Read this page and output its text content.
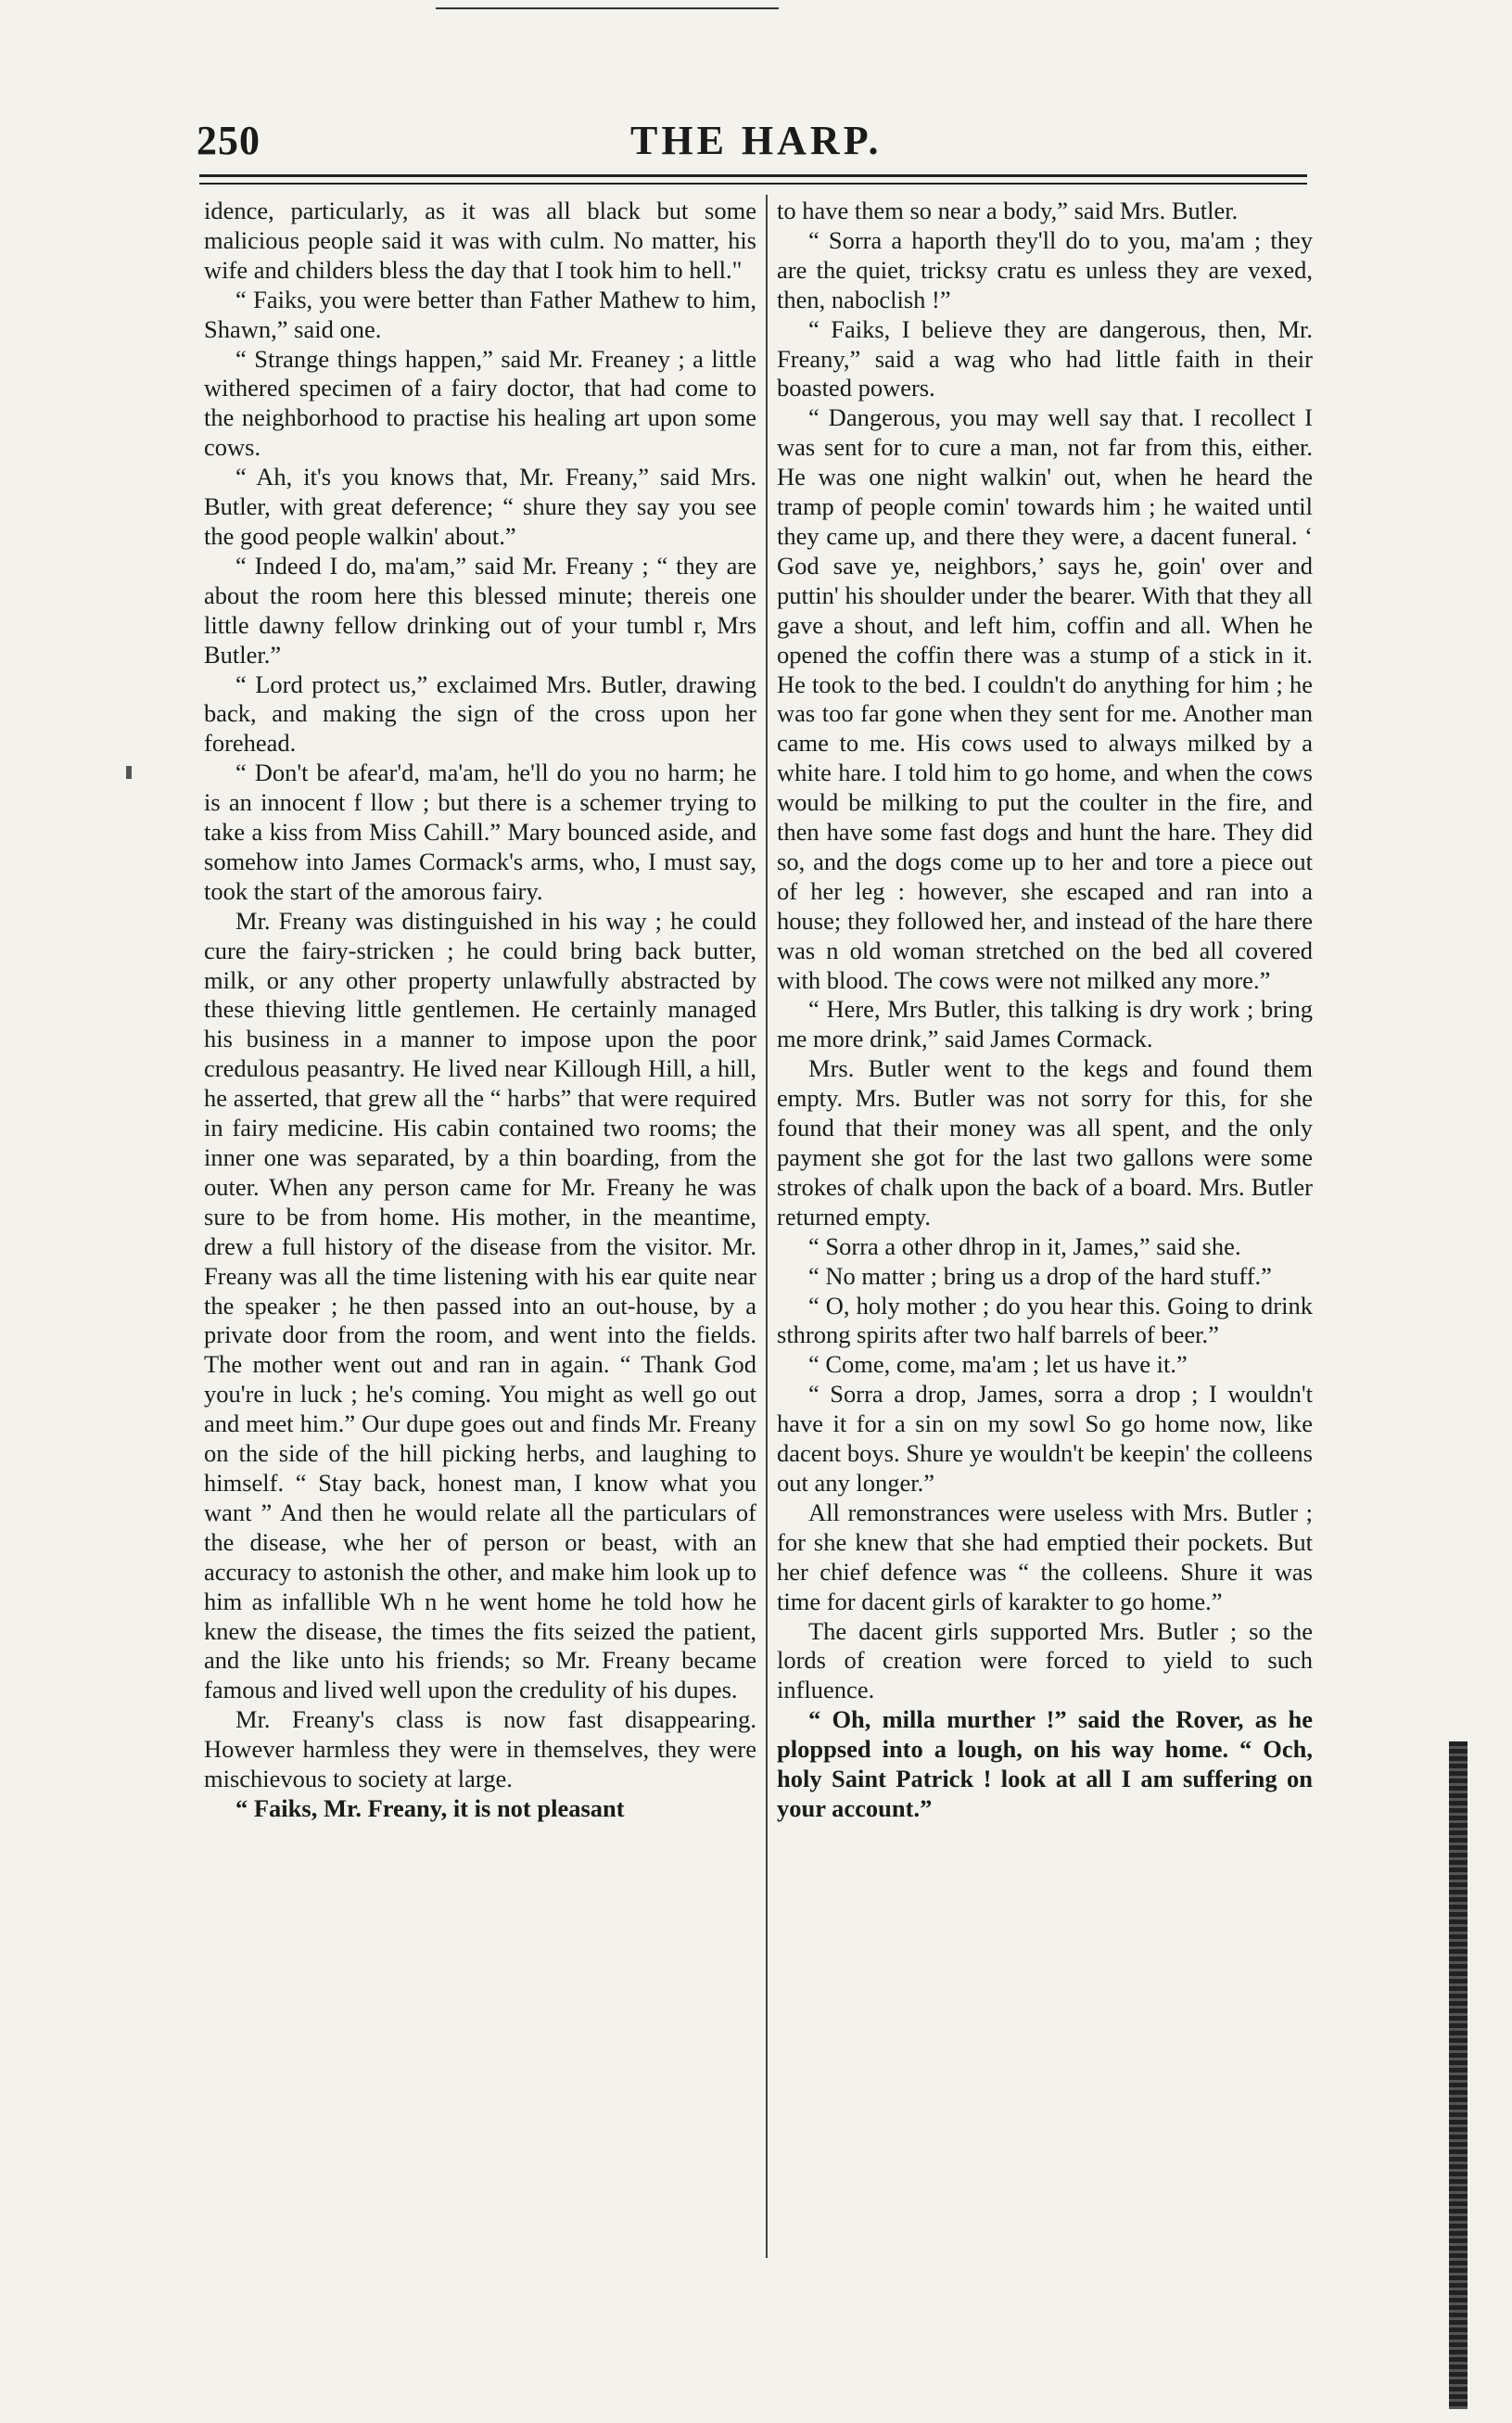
250	THE HARP.

idence, particularly, as it was all black but some malicious people said it was with culm. No matter, his wife and childers bless the day that I took him to hell."

“ Faiks, you were better than Father Mathew to him, Shawn,” said one.

“ Strange things happen,” said Mr. Freaney ; a little withered specimen of a fairy doctor, that had come to the neighborhood to practise his healing art upon some cows.

“ Ah, it's you knows that, Mr. Freany,” said Mrs. Butler, with great deference; “ shure they say you see the good people walkin' about.”

“ Indeed I do, ma'am,” said Mr. Freany ; “ they are about the room here this blessed minute; thereis one little dawny fellow drinking out of your tumbl r, Mrs Butler.”

“ Lord protect us,” exclaimed Mrs. Butler, drawing back, and making the sign of the cross upon her forehead.

“ Don't be afear'd, ma'am, he'll do you no harm; he is an innocent f llow ; but there is a schemer trying to take a kiss from Miss Cahill.” Mary bounced aside, and somehow into James Cormack's arms, who, I must say, took the start of the amorous fairy.

Mr. Freany was distinguished in his way ; he could cure the fairy-stricken ; he could bring back butter, milk, or any other property unlawfully abstracted by these thieving little gentlemen. He certainly managed his business in a manner to impose upon the poor credulous peasantry. He lived near Killough Hill, a hill, he asserted, that grew all the “ harbs” that were required in fairy medicine. His cabin contained two rooms; the inner one was separated, by a thin boarding, from the outer. When any person came for Mr. Freany he was sure to be from home. His mother, in the meantime, drew a full history of the disease from the visitor. Mr. Freany was all the time listening with his ear quite near the speaker ; he then passed into an out-house, by a private door from the room, and went into the fields. The mother went out and ran in again. “ Thank God you're in luck ; he's coming. You might as well go out and meet him.” Our dupe goes out and finds Mr. Freany on the side of the hill picking herbs, and laughing to himself. “ Stay back, honest man, I know what you want ” And then he would relate all the particulars of the disease, whe her of person or beast, with an accuracy to astonish the other, and make him look up to him as infallible Wh n he went home he told how he knew the disease, the times the fits seized the patient, and the like unto his friends; so Mr. Freany became famous and lived well upon the credulity of his dupes.

Mr. Freany's class is now fast disappearing. However harmless they were in themselves, they were mischievous to society at large.

“ Faiks, Mr. Freany, it is not pleasant

to have them so near a body,” said Mrs. Butler.

“ Sorra a haporth they'll do to you, ma'am ; they are the quiet, tricksy cratu es unless they are vexed, then, naboclish !”

“ Faiks, I believe they are dangerous, then, Mr. Freany,” said a wag who had little faith in their boasted powers.

“ Dangerous, you may well say that. I recollect I was sent for to cure a man, not far from this, either. He was one night walkin' out, when he heard the tramp of people comin' towards him ; he waited until they came up, and there they were, a dacent funeral. ‘ God save ye, neighbors,’ says he, goin' over and puttin' his shoulder under the bearer. With that they all gave a shout, and left him, coffin and all. When he opened the coffin there was a stump of a stick in it. He took to the bed. I couldn't do anything for him ; he was too far gone when they sent for me. Another man came to me. His cows used to always milked by a white hare. I told him to go home, and when the cows would be milking to put the coulter in the fire, and then have some fast dogs and hunt the hare. They did so, and the dogs come up to her and tore a piece out of her leg : however, she escaped and ran into a house; they followed her, and instead of the hare there was n old woman stretched on the bed all covered with blood. The cows were not milked any more.”

“ Here, Mrs Butler, this talking is dry work ; bring me more drink,” said James Cormack.

Mrs. Butler went to the kegs and found them empty. Mrs. Butler was not sorry for this, for she found that their money was all spent, and the only payment she got for the last two gallons were some strokes of chalk upon the back of a board. Mrs. Butler returned empty.

“ Sorra a other dhrop in it, James,” said she.

“ No matter ; bring us a drop of the hard stuff.”

“ O, holy mother ; do you hear this. Going to drink sthrong spirits after two half barrels of beer.”

“ Come, come, ma'am ; let us have it.”

“ Sorra a drop, James, sorra a drop ; I wouldn't have it for a sin on my sowl So go home now, like dacent boys. Shure ye wouldn't be keepin' the colleens out any longer.”

All remonstrances were useless with Mrs. Butler ; for she knew that she had emptied their pockets. But her chief defence was “ the colleens. Shure it was time for dacent girls of karakter to go home.”

The dacent girls supported Mrs. Butler ; so the lords of creation were forced to yield to such influence.

“ Oh, milla murther !” said the Rover, as he ploppsed into a lough, on his way home. “ Och, holy Saint Patrick ! look at all I am suffering on your account.”
